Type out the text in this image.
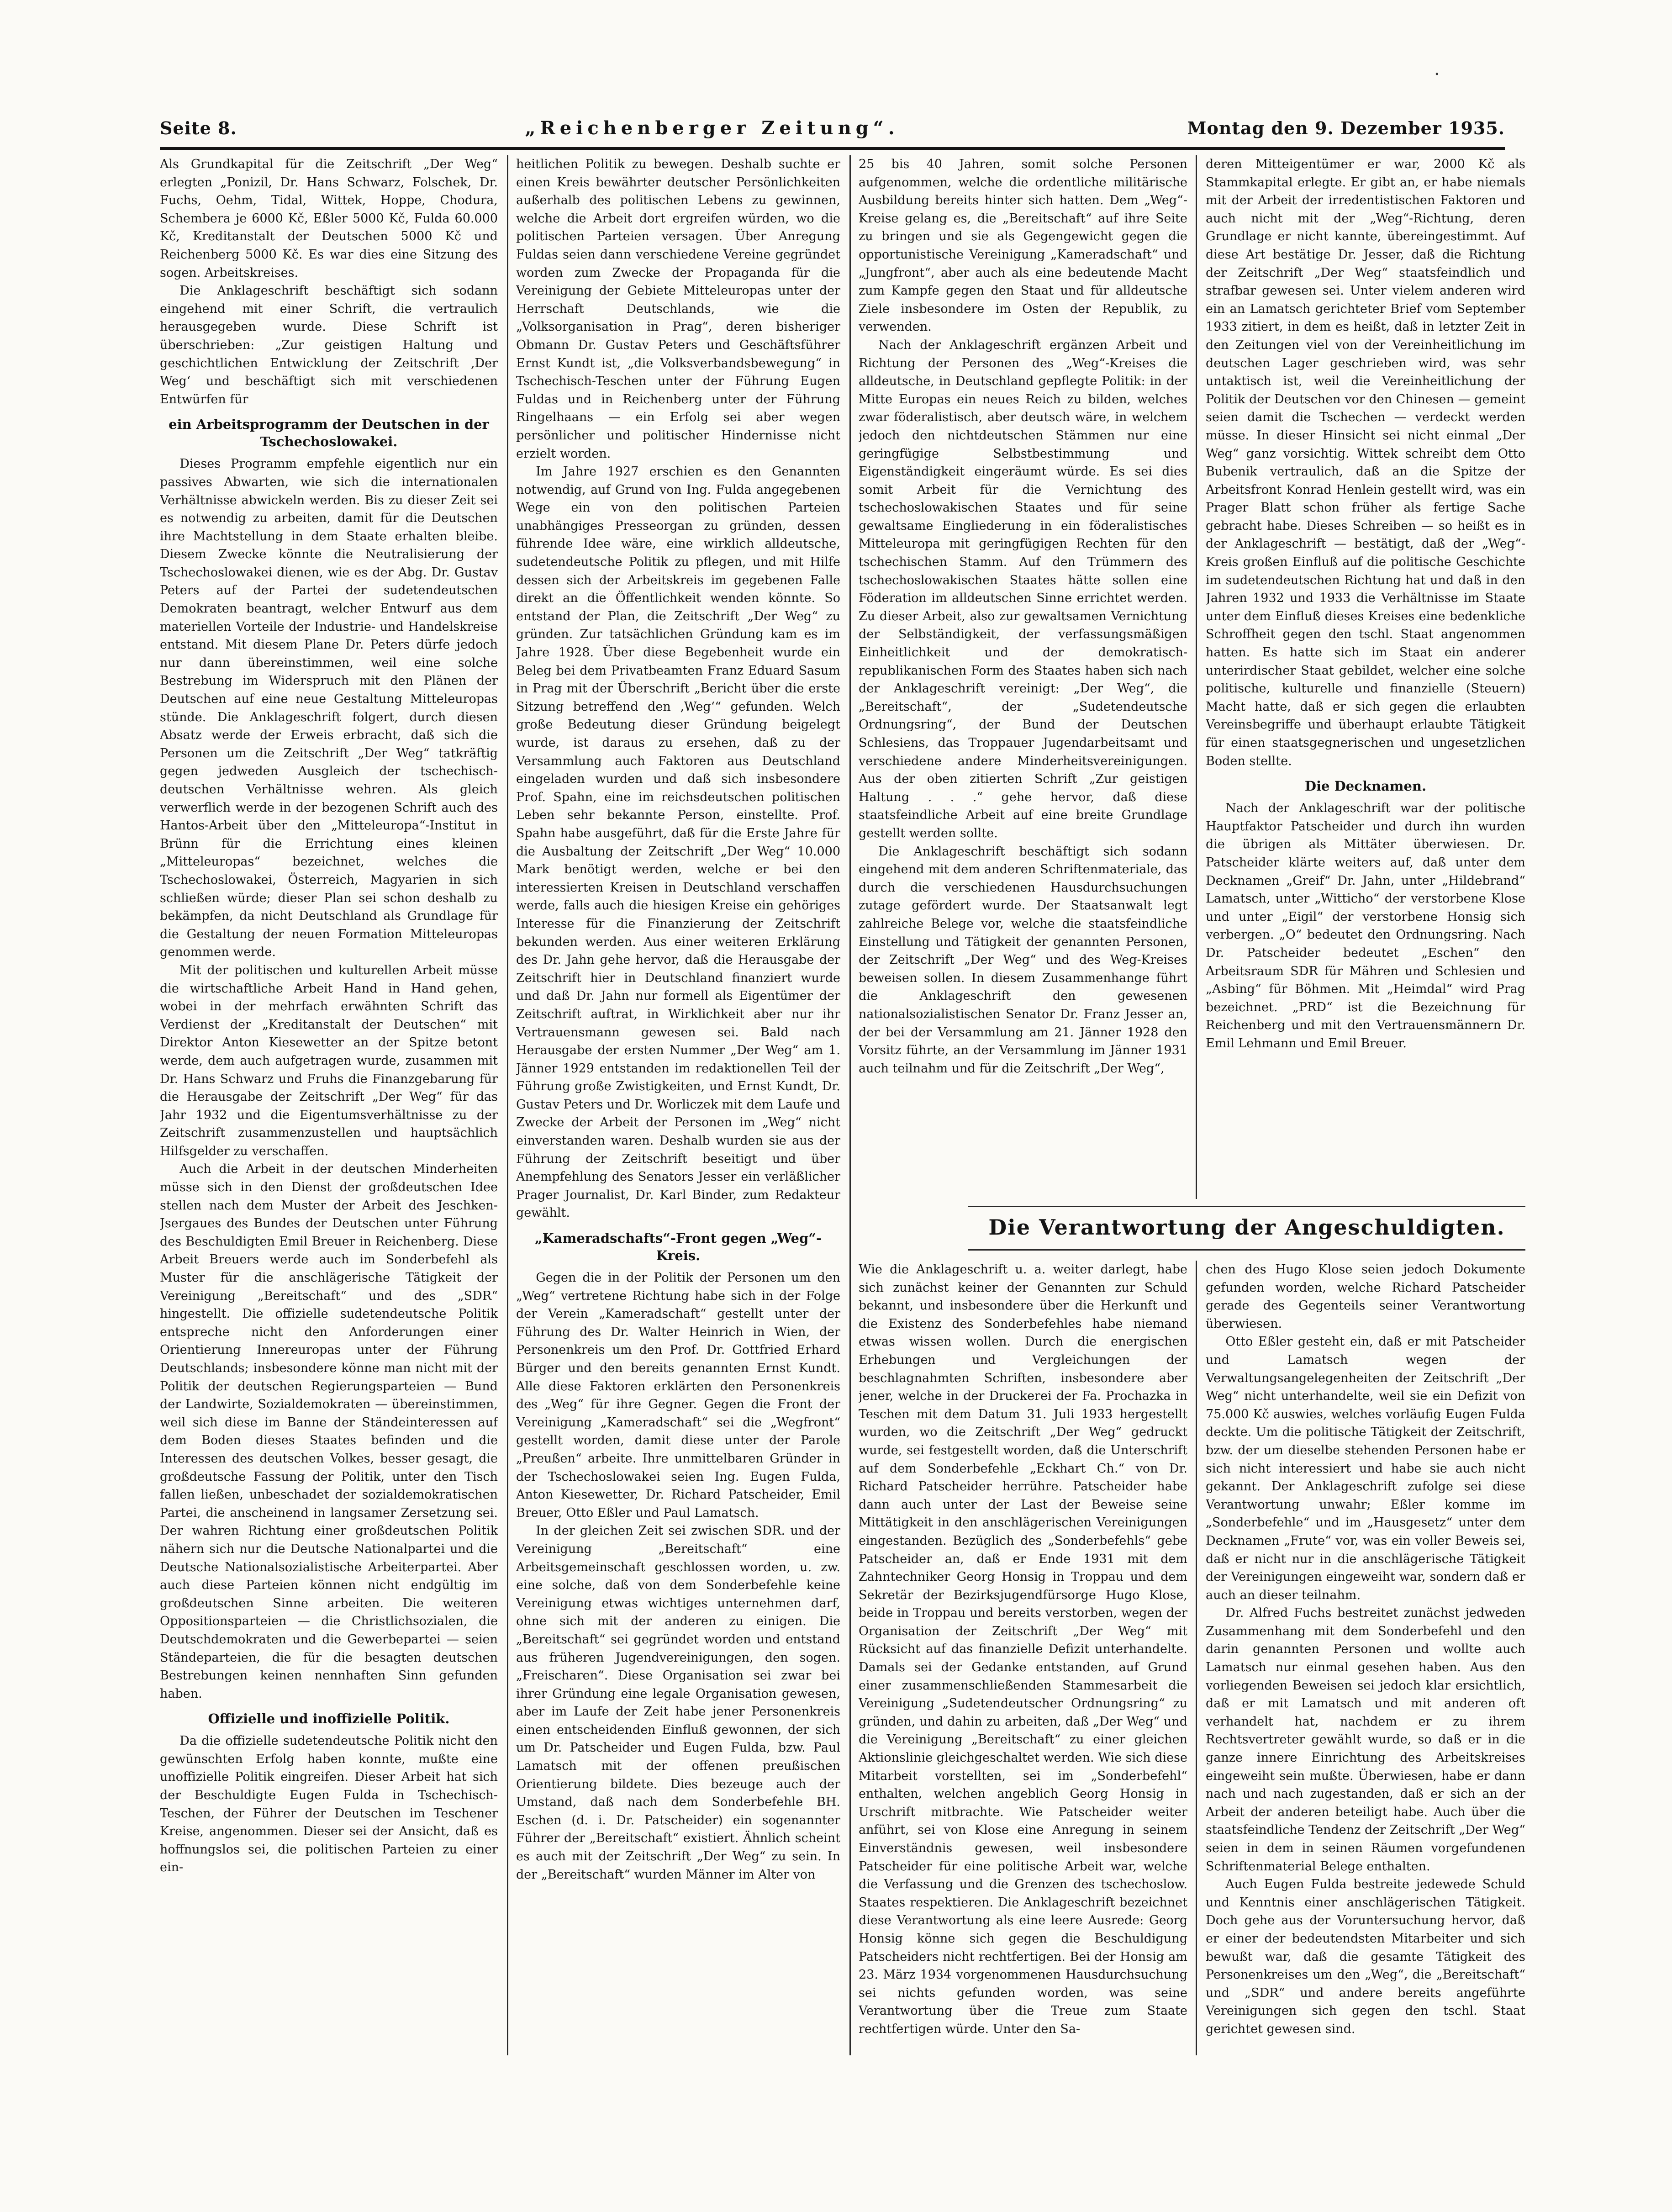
Seite 8.	„Reichenberger Zeitung“.	Montag den 9. Dezember 1935.
Die Verantwortung der Angeschuldigten.

Als Grundkapital für die Zeitschrift „Der Weg“ erlegten „Ponizil, Dr. Hans Schwarz, Folschek, Dr. Fuchs, Oehm, Tidal, Wittek, Hoppe, Chodura, Schembera je 6000 Kč, Eßler 5000 Kč, Fulda 60.000 Kč, Kreditanstalt der Deutschen 5000 Kč und Reichenberg 5000 Kč. Es war dies eine Sitzung des sogen. Arbeitskreises.

Die Anklageschrift beschäftigt sich sodann eingehend mit einer Schrift, die vertraulich herausgegeben wurde. Diese Schrift ist überschrieben: „Zur geistigen Haltung und geschichtlichen Entwicklung der Zeitschrift ‚Der Weg‘ und beschäftigt sich mit verschiedenen Entwürfen für

ein Arbeitsprogramm der Deutschen in der Tschechoslowakei.

Dieses Programm empfehle eigentlich nur ein passives Abwarten, wie sich die internationalen Verhältnisse abwickeln werden. Bis zu dieser Zeit sei es notwendig zu arbeiten, damit für die Deutschen ihre Machtstellung in dem Staate erhalten bleibe. Diesem Zwecke könnte die Neutralisierung der Tschechoslowakei dienen, wie es der Abg. Dr. Gustav Peters auf der Partei der sudetendeutschen Demokraten beantragt, welcher Entwurf aus dem materiellen Vorteile der Industrie- und Handelskreise entstand. Mit diesem Plane Dr. Peters dürfe jedoch nur dann übereinstimmen, weil eine solche Bestrebung im Widerspruch mit den Plänen der Deutschen auf eine neue Gestaltung Mitteleuropas stünde. Die Anklageschrift folgert, durch diesen Absatz werde der Erweis erbracht, daß sich die Personen um die Zeitschrift „Der Weg“ tatkräftig gegen jedweden Ausgleich der tschechisch-deutschen Verhältnisse wehren. Als gleich verwerflich werde in der bezogenen Schrift auch des Hantos-Arbeit über den „Mitteleuropa“-Institut in Brünn für die Errichtung eines kleinen „Mitteleuropas“ bezeichnet, welches die Tschechoslowakei, Österreich, Magyarien in sich schließen würde; dieser Plan sei schon deshalb zu bekämpfen, da nicht Deutschland als Grundlage für die Gestaltung der neuen Formation Mitteleuropas genommen werde.

Mit der politischen und kulturellen Arbeit müsse die wirtschaftliche Arbeit Hand in Hand gehen, wobei in der mehrfach erwähnten Schrift das Verdienst der „Kreditanstalt der Deutschen“ mit Direktor Anton Kiesewetter an der Spitze betont werde, dem auch aufgetragen wurde, zusammen mit Dr. Hans Schwarz und Fruhs die Finanzgebarung für die Herausgabe der Zeitschrift „Der Weg“ für das Jahr 1932 und die Eigentumsverhältnisse zu der Zeitschrift zusammenzustellen und hauptsächlich Hilfsgelder zu verschaffen.

Auch die Arbeit in der deutschen Minderheiten müsse sich in den Dienst der großdeutschen Idee stellen nach dem Muster der Arbeit des Jeschken-Jsergaues des Bundes der Deutschen unter Führung des Beschuldigten Emil Breuer in Reichenberg. Diese Arbeit Breuers werde auch im Sonderbefehl als Muster für die anschlägerische Tätigkeit der Vereinigung „Bereitschaft“ und des „SDR“ hingestellt. Die offizielle sudetendeutsche Politik entspreche nicht den Anforderungen einer Orientierung Innereuropas unter der Führung Deutschlands; insbesondere könne man nicht mit der Politik der deutschen Regierungsparteien — Bund der Landwirte, Sozialdemokraten — übereinstimmen, weil sich diese im Banne der Ständeinteressen auf dem Boden dieses Staates befinden und die Interessen des deutschen Volkes, besser gesagt, die großdeutsche Fassung der Politik, unter den Tisch fallen ließen, unbeschadet der sozialdemokratischen Partei, die anscheinend in langsamer Zersetzung sei. Der wahren Richtung einer großdeutschen Politik nähern sich nur die Deutsche Nationalpartei und die Deutsche Nationalsozialistische Arbeiterpartei. Aber auch diese Parteien können nicht endgültig im großdeutschen Sinne arbeiten. Die weiteren Oppositionsparteien — die Christlichsozialen, die Deutschdemokraten und die Gewerbepartei — seien Ständeparteien, die für die besagten deutschen Bestrebungen keinen nennhaften Sinn gefunden haben.

Offizielle und inoffizielle Politik.

Da die offizielle sudetendeutsche Politik nicht den gewünschten Erfolg haben konnte, mußte eine unoffizielle Politik eingreifen. Dieser Arbeit hat sich der Beschuldigte Eugen Fulda in Tschechisch-Teschen, der Führer der Deutschen im Teschener Kreise, angenommen. Dieser sei der Ansicht, daß es hoffnungslos sei, die politischen Parteien zu einer ein-

heitlichen Politik zu bewegen. Deshalb suchte er einen Kreis bewährter deutscher Persönlichkeiten außerhalb des politischen Lebens zu gewinnen, welche die Arbeit dort ergreifen würden, wo die politischen Parteien versagen. Über Anregung Fuldas seien dann verschiedene Vereine gegründet worden zum Zwecke der Propaganda für die Vereinigung der Gebiete Mitteleuropas unter der Herrschaft Deutschlands, wie die „Volksorganisation in Prag“, deren bisheriger Obmann Dr. Gustav Peters und Geschäftsführer Ernst Kundt ist, „die Volksverbandsbewegung“ in Tschechisch-Teschen unter der Führung Eugen Fuldas und in Reichenberg unter der Führung Ringelhaans — ein Erfolg sei aber wegen persönlicher und politischer Hindernisse nicht erzielt worden.

Im Jahre 1927 erschien es den Genannten notwendig, auf Grund von Ing. Fulda angegebenen Wege ein von den politischen Parteien unabhängiges Presseorgan zu gründen, dessen führende Idee wäre, eine wirklich alldeutsche, sudetendeutsche Politik zu pflegen, und mit Hilfe dessen sich der Arbeitskreis im gegebenen Falle direkt an die Öffentlichkeit wenden könnte. So entstand der Plan, die Zeitschrift „Der Weg“ zu gründen. Zur tatsächlichen Gründung kam es im Jahre 1928. Über diese Begebenheit wurde ein Beleg bei dem Privatbeamten Franz Eduard Sasum in Prag mit der Überschrift „Bericht über die erste Sitzung betreffend den ‚Weg‘“ gefunden. Welch große Bedeutung dieser Gründung beigelegt wurde, ist daraus zu ersehen, daß zu der Versammlung auch Faktoren aus Deutschland eingeladen wurden und daß sich insbesondere Prof. Spahn, eine im reichsdeutschen politischen Leben sehr bekannte Person, einstellte. Prof. Spahn habe ausgeführt, daß für die Erste Jahre für die Ausbaltung der Zeitschrift „Der Weg“ 10.000 Mark benötigt werden, welche er bei den interessierten Kreisen in Deutschland verschaffen werde, falls auch die hiesigen Kreise ein gehöriges Interesse für die Finanzierung der Zeitschrift bekunden werden. Aus einer weiteren Erklärung des Dr. Jahn gehe hervor, daß die Herausgabe der Zeitschrift hier in Deutschland finanziert wurde und daß Dr. Jahn nur formell als Eigentümer der Zeitschrift auftrat, in Wirklichkeit aber nur ihr Vertrauensmann gewesen sei. Bald nach Herausgabe der ersten Nummer „Der Weg“ am 1. Jänner 1929 entstanden im redaktionellen Teil der Führung große Zwistigkeiten, und Ernst Kundt, Dr. Gustav Peters und Dr. Worliczek mit dem Laufe und Zwecke der Arbeit der Personen im „Weg“ nicht einverstanden waren. Deshalb wurden sie aus der Führung der Zeitschrift beseitigt und über Anempfehlung des Senators Jesser ein verläßlicher Prager Journalist, Dr. Karl Binder, zum Redakteur gewählt.

„Kameradschafts“-Front gegen „Weg“-Kreis.

Gegen die in der Politik der Personen um den „Weg“ vertretene Richtung habe sich in der Folge der Verein „Kameradschaft“ gestellt unter der Führung des Dr. Walter Heinrich in Wien, der Personenkreis um den Prof. Dr. Gottfried Erhard Bürger und den bereits genannten Ernst Kundt. Alle diese Faktoren erklärten den Personenkreis des „Weg“ für ihre Gegner. Gegen die Front der Vereinigung „Kameradschaft“ sei die „Wegfront“ gestellt worden, damit diese unter der Parole „Preußen“ arbeite. Ihre unmittelbaren Gründer in der Tschechoslowakei seien Ing. Eugen Fulda, Anton Kiesewetter, Dr. Richard Patscheider, Emil Breuer, Otto Eßler und Paul Lamatsch.

In der gleichen Zeit sei zwischen SDR. und der Vereinigung „Bereitschaft“ eine Arbeitsgemeinschaft geschlossen worden, u. zw. eine solche, daß von dem Sonderbefehle keine Vereinigung etwas wichtiges unternehmen darf, ohne sich mit der anderen zu einigen. Die „Bereitschaft“ sei gegründet worden und entstand aus früheren Jugendvereinigungen, den sogen. „Freischaren“. Diese Organisation sei zwar bei ihrer Gründung eine legale Organisation gewesen, aber im Laufe der Zeit habe jener Personenkreis einen entscheidenden Einfluß gewonnen, der sich um Dr. Patscheider und Eugen Fulda, bzw. Paul Lamatsch mit der offenen preußischen Orientierung bildete. Dies bezeuge auch der Umstand, daß nach dem Sonderbefehle BH. Eschen (d. i. Dr. Patscheider) ein sogenannter Führer der „Bereitschaft“ existiert. Ähnlich scheint es auch mit der Zeitschrift „Der Weg“ zu sein. In der „Bereitschaft“ wurden Männer im Alter von

25 bis 40 Jahren, somit solche Personen aufgenommen, welche die ordentliche militärische Ausbildung bereits hinter sich hatten. Dem „Weg“-Kreise gelang es, die „Bereitschaft“ auf ihre Seite zu bringen und sie als Gegengewicht gegen die opportunistische Vereinigung „Kameradschaft“ und „Jungfront“, aber auch als eine bedeutende Macht zum Kampfe gegen den Staat und für alldeutsche Ziele insbesondere im Osten der Republik, zu verwenden.

Nach der Anklageschrift ergänzen Arbeit und Richtung der Personen des „Weg“-Kreises die alldeutsche, in Deutschland gepflegte Politik: in der Mitte Europas ein neues Reich zu bilden, welches zwar föderalistisch, aber deutsch wäre, in welchem jedoch den nichtdeutschen Stämmen nur eine geringfügige Selbstbestimmung und Eigenständigkeit eingeräumt würde. Es sei dies somit Arbeit für die Vernichtung des tschechoslowakischen Staates und für seine gewaltsame Eingliederung in ein föderalistisches Mitteleuropa mit geringfügigen Rechten für den tschechischen Stamm. Auf den Trümmern des tschechoslowakischen Staates hätte sollen eine Föderation im alldeutschen Sinne errichtet werden. Zu dieser Arbeit, also zur gewaltsamen Vernichtung der Selbständigkeit, der verfassungsmäßigen Einheitlichkeit und der demokratisch-republikanischen Form des Staates haben sich nach der Anklageschrift vereinigt: „Der Weg“, die „Bereitschaft“, der „Sudetendeutsche Ordnungsring“, der Bund der Deutschen Schlesiens, das Troppauer Jugendarbeitsamt und verschiedene andere Minderheitsvereinigungen. Aus der oben zitierten Schrift „Zur geistigen Haltung . . .“ gehe hervor, daß diese staatsfeindliche Arbeit auf eine breite Grundlage gestellt werden sollte.

Die Anklageschrift beschäftigt sich sodann eingehend mit dem anderen Schriftenmateriale, das durch die verschiedenen Hausdurchsuchungen zutage gefördert wurde. Der Staatsanwalt legt zahlreiche Belege vor, welche die staatsfeindliche Einstellung und Tätigkeit der genannten Personen, der Zeitschrift „Der Weg“ und des Weg-Kreises beweisen sollen. In diesem Zusammenhange führt die Anklageschrift den gewesenen nationalsozialistischen Senator Dr. Franz Jesser an, der bei der Versammlung am 21. Jänner 1928 den Vorsitz führte, an der Versammlung im Jänner 1931 auch teilnahm und für die Zeitschrift „Der Weg“,

deren Mitteigentümer er war, 2000 Kč als Stammkapital erlegte. Er gibt an, er habe niemals mit der Arbeit der irredentistischen Faktoren und auch nicht mit der „Weg“-Richtung, deren Grundlage er nicht kannte, übereingestimmt. Auf diese Art bestätige Dr. Jesser, daß die Richtung der Zeitschrift „Der Weg“ staatsfeindlich und strafbar gewesen sei. Unter vielem anderen wird ein an Lamatsch gerichteter Brief vom September 1933 zitiert, in dem es heißt, daß in letzter Zeit in den Zeitungen viel von der Vereinheitlichung im deutschen Lager geschrieben wird, was sehr untaktisch ist, weil die Vereinheitlichung der Politik der Deutschen vor den Chinesen — gemeint seien damit die Tschechen — verdeckt werden müsse. In dieser Hinsicht sei nicht einmal „Der Weg“ ganz vorsichtig. Wittek schreibt dem Otto Bubenik vertraulich, daß an die Spitze der Arbeitsfront Konrad Henlein gestellt wird, was ein Prager Blatt schon früher als fertige Sache gebracht habe. Dieses Schreiben — so heißt es in der Anklageschrift — bestätigt, daß der „Weg“-Kreis großen Einfluß auf die politische Geschichte im sudetendeutschen Richtung hat und daß in den Jahren 1932 und 1933 die Verhältnisse im Staate unter dem Einfluß dieses Kreises eine bedenkliche Schroffheit gegen den tschl. Staat angenommen hatten. Es hatte sich im Staat ein anderer unterirdischer Staat gebildet, welcher eine solche politische, kulturelle und finanzielle (Steuern) Macht hatte, daß er sich gegen die erlaubten Vereinsbegriffe und überhaupt erlaubte Tätigkeit für einen staatsgegnerischen und ungesetzlichen Boden stellte.

Die Decknamen.

Nach der Anklageschrift war der politische Hauptfaktor Patscheider und durch ihn wurden die übrigen als Mittäter überwiesen. Dr. Patscheider klärte weiters auf, daß unter dem Decknamen „Greif“ Dr. Jahn, unter „Hildebrand“ Lamatsch, unter „Witticho“ der verstorbene Klose und unter „Eigil“ der verstorbene Honsig sich verbergen. „O“ bedeutet den Ordnungsring. Nach Dr. Patscheider bedeutet „Eschen“ den Arbeitsraum SDR für Mähren und Schlesien und „Asbing“ für Böhmen. Mit „Heimdal“ wird Prag bezeichnet. „PRD“ ist die Bezeichnung für Reichenberg und mit den Vertrauensmännern Dr. Emil Lehmann und Emil Breuer.

Wie die Anklageschrift u. a. weiter darlegt, habe sich zunächst keiner der Genannten zur Schuld bekannt, und insbesondere über die Herkunft und die Existenz des Sonderbefehles habe niemand etwas wissen wollen. Durch die energischen Erhebungen und Vergleichungen der beschlagnahmten Schriften, insbesondere aber jener, welche in der Druckerei der Fa. Prochazka in Teschen mit dem Datum 31. Juli 1933 hergestellt wurden, wo die Zeitschrift „Der Weg“ gedruckt wurde, sei festgestellt worden, daß die Unterschrift auf dem Sonderbefehle „Eckhart Ch.“ von Dr. Richard Patscheider herrühre. Patscheider habe dann auch unter der Last der Beweise seine Mittätigkeit in den anschlägerischen Vereinigungen eingestanden. Bezüglich des „Sonderbefehls“ gebe Patscheider an, daß er Ende 1931 mit dem Zahntechniker Georg Honsig in Troppau und dem Sekretär der Bezirksjugendfürsorge Hugo Klose, beide in Troppau und bereits verstorben, wegen der Organisation der Zeitschrift „Der Weg“ mit Rücksicht auf das finanzielle Defizit unterhandelte. Damals sei der Gedanke entstanden, auf Grund einer zusammenschließenden Stammesarbeit die Vereinigung „Sudetendeutscher Ordnungsring“ zu gründen, und dahin zu arbeiten, daß „Der Weg“ und die Vereinigung „Bereitschaft“ zu einer gleichen Aktionslinie gleichgeschaltet werden. Wie sich diese Mitarbeit vorstellten, sei im „Sonderbefehl“ enthalten, welchen angeblich Georg Honsig in Urschrift mitbrachte. Wie Patscheider weiter anführt, sei von Klose eine Anregung in seinem Einverständnis gewesen, weil insbesondere Patscheider für eine politische Arbeit war, welche die Verfassung und die Grenzen des tschechoslow. Staates respektieren. Die Anklageschrift bezeichnet diese Verantwortung als eine leere Ausrede: Georg Honsig könne sich gegen die Beschuldigung Patscheiders nicht rechtfertigen. Bei der Honsig am 23. März 1934 vorgenommenen Hausdurchsuchung sei nichts gefunden worden, was seine Verantwortung über die Treue zum Staate rechtfertigen würde. Unter den Sa-

chen des Hugo Klose seien jedoch Dokumente gefunden worden, welche Richard Patscheider gerade des Gegenteils seiner Verantwortung überwiesen.

Otto Eßler gesteht ein, daß er mit Patscheider und Lamatsch wegen der Verwaltungsangelegenheiten der Zeitschrift „Der Weg“ nicht unterhandelte, weil sie ein Defizit von 75.000 Kč auswies, welches vorläufig Eugen Fulda deckte. Um die politische Tätigkeit der Zeitschrift, bzw. der um dieselbe stehenden Personen habe er sich nicht interessiert und habe sie auch nicht gekannt. Der Anklageschrift zufolge sei diese Verantwortung unwahr; Eßler komme im „Sonderbefehle“ und im „Hausgesetz“ unter dem Decknamen „Frute“ vor, was ein voller Beweis sei, daß er nicht nur in die anschlägerische Tätigkeit der Vereinigungen eingeweiht war, sondern daß er auch an dieser teilnahm.

Dr. Alfred Fuchs bestreitet zunächst jedweden Zusammenhang mit dem Sonderbefehl und den darin genannten Personen und wollte auch Lamatsch nur einmal gesehen haben. Aus den vorliegenden Beweisen sei jedoch klar ersichtlich, daß er mit Lamatsch und mit anderen oft verhandelt hat, nachdem er zu ihrem Rechtsvertreter gewählt wurde, so daß er in die ganze innere Einrichtung des Arbeitskreises eingeweiht sein mußte. Überwiesen, habe er dann nach und nach zugestanden, daß er sich an der Arbeit der anderen beteiligt habe. Auch über die staatsfeindliche Tendenz der Zeitschrift „Der Weg“ seien in dem in seinen Räumen vorgefundenen Schriftenmaterial Belege enthalten.

Auch Eugen Fulda bestreite jedewede Schuld und Kenntnis einer anschlägerischen Tätigkeit. Doch gehe aus der Voruntersuchung hervor, daß er einer der bedeutendsten Mitarbeiter und sich bewußt war, daß die gesamte Tätigkeit des Personenkreises um den „Weg“, die „Bereitschaft“ und „SDR“ und andere bereits angeführte Vereinigungen sich gegen den tschl. Staat gerichtet gewesen sind.

·
